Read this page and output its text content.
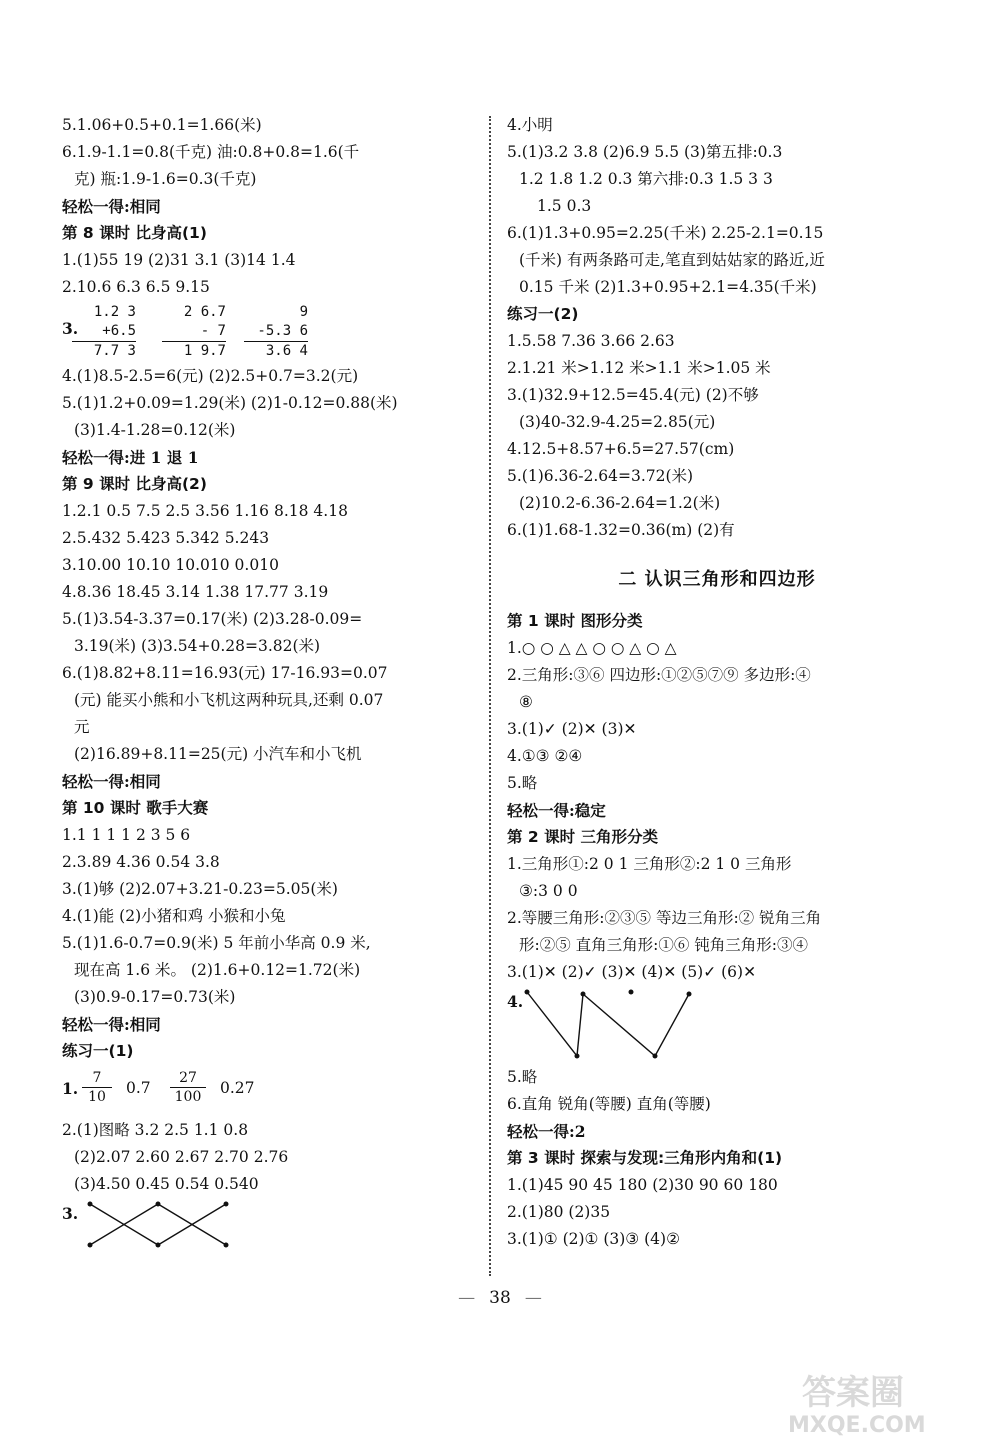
5.1.06+0.5+0.1=1.66(米)
6.1.9-1.1=0.8(千克) 油:0.8+0.8=1.6(千
克) 瓶:1.9-1.6=0.3(千克)
轻松一得:相同
第 8 课时 比身高(1)
1.(1)55 19 (2)31 3.1 (3)14 1.4
2.10.6 6.3 6.5 9.15
3.
1.2 3
+6.5
7.7 3
2 6.7
- 7
1 9.7
9
-5.3 6
3.6 4
4.(1)8.5-2.5=6(元) (2)2.5+0.7=3.2(元)
5.(1)1.2+0.09=1.29(米) (2)1-0.12=0.88(米)
(3)1.4-1.28=0.12(米)
轻松一得:进 1 退 1
第 9 课时 比身高(2)
1.2.1 0.5 7.5 2.5 3.56 1.16 8.18 4.18
2.5.432 5.423 5.342 5.243
3.10.00 10.10 10.010 0.010
4.8.36 18.45 3.14 1.38 17.77 3.19
5.(1)3.54-3.37=0.17(米) (2)3.28-0.09=
3.19(米) (3)3.54+0.28=3.82(米)
6.(1)8.82+8.11=16.93(元) 17-16.93=0.07
(元) 能买小熊和小飞机这两种玩具,还剩 0.07
元
(2)16.89+8.11=25(元) 小汽车和小飞机
轻松一得:相同
第 10 课时 歌手大赛
1.1 1 1 1 2 3 5 6
2.3.89 4.36 0.54 3.8
3.(1)够 (2)2.07+3.21-0.23=5.05(米)
4.(1)能 (2)小猪和鸡 小猴和小兔
5.(1)1.6-0.7=0.9(米) 5 年前小华高 0.9 米,
现在高 1.6 米。 (2)1.6+0.12=1.72(米)
(3)0.9-0.17=0.73(米)
轻松一得:相同
练习一(1)
1. $\frac{7}{10} 0.7 \frac{27}{100} 0.27$
2.(1)图略 3.2 2.5 1.1 0.8
(2)2.07 2.60 2.67 2.70 2.76
(3)4.50 0.45 0.54 0.540
3.
4.小明
5.(1)3.2 3.8 (2)6.9 5.5 (3)第五排:0.3
1.2 1.8 1.2 0.3 第六排:0.3 1.5 3 3
1.5 0.3
6.(1)1.3+0.95=2.25(千米) 2.25-2.1=0.15
(千米) 有两条路可走,笔直到姑姑家的路近,近
0.15 千米 (2)1.3+0.95+2.1=4.35(千米)
练习一(2)
1.5.58 7.36 3.66 2.63
2.1.21 米>1.12 米>1.1 米>1.05 米
3.(1)32.9+12.5=45.4(元) (2)不够
(3)40-32.9-4.25=2.85(元)
4.12.5+8.57+6.5=27.57(cm)
5.(1)6.36-2.64=3.72(米)
(2)10.2-6.36-2.64=1.2(米)
6.(1)1.68-1.32=0.36(m) (2)有
二 认识三角形和四边形
第 1 课时 图形分类
1.○ ○ △ △ ○ ○ △ ○ △
2.三角形:③⑥ 四边形:①②⑤⑦⑨ 多边形:④
⑧
3.(1)✓ (2)✕ (3)✕
4.①③ ②④
5.略
轻松一得:稳定
第 2 课时 三角形分类
1.三角形①:2 0 1 三角形②:2 1 0 三角形
③:3 0 0
2.等腰三角形:②③⑤ 等边三角形:② 锐角三角
形:②⑤ 直角三角形:①⑥ 钝角三角形:③④
3.(1)✕ (2)✓ (3)✕ (4)✕ (5)✓ (6)✕
4.
5.略
6.直角 锐角(等腰) 直角(等腰)
轻松一得:2
第 3 课时 探索与发现:三角形内角和(1)
1.(1)45 90 45 180 (2)30 90 60 180
2.(1)80 (2)35
3.(1)① (2)① (3)③ (4)②
— 38 —
答案圈
MXQE.COM
